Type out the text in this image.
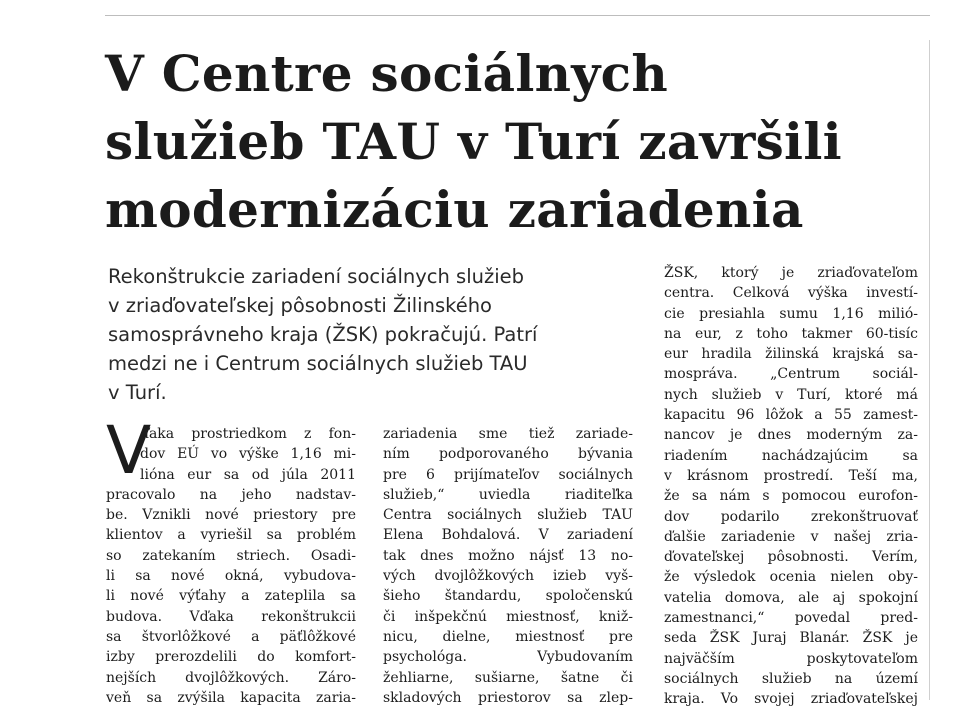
V Centre sociálnych
služieb TAU v Turí završili
modernizáciu zariadenia
Rekonštrukcie zariadení sociálnych služieb
v zriaďovateľskej pôsobnosti Žilinského
samosprávneho kraja (ŽSK) pokračujú. Patrí
medzi ne i Centrum sociálnych služieb TAU
v Turí.
V
ďaka prostriedkom z fon-
dov EÚ vo výške 1,16 mi-
lióna eur sa od júla 2011
pracovalo na jeho nadstav-
be. Vznikli nové priestory pre
klientov a vyriešil sa problém
so zatekaním striech. Osadi-
li sa nové okná, vybudova-
li nové výťahy a zateplila sa
budova. Vďaka rekonštrukcii
sa štvorlôžkové a päťlôžkové
izby prerozdelili do komfort-
nejších dvojlôžkových. Záro-
veň sa zvýšila kapacita zaria-
zariadenia sme tiež zariade-
ním podporovaného bývania
pre 6 prijímateľov sociálnych
služieb,“ uviedla riaditeľka
Centra sociálnych služieb TAU
Elena Bohdalová. V zariadení
tak dnes možno nájsť 13 no-
vých dvojlôžkových izieb vyš-
šieho štandardu, spoločenskú
či inšpekčnú miestnosť, kniž-
nicu, dielne, miestnosť pre
psychológa. Vybudovaním
žehliarne, sušiarne, šatne či
skladových priestorov sa zlep-
ŽSK, ktorý je zriaďovateľom
centra. Celková výška investí-
cie presiahla sumu 1,16 milió-
na eur, z toho takmer 60-tisíc
eur hradila žilinská krajská sa-
mospráva. „Centrum sociál-
nych služieb v Turí, ktoré má
kapacitu 96 lôžok a 55 zamest-
nancov je dnes moderným za-
riadením nachádzajúcim sa
v krásnom prostredí. Teší ma,
že sa nám s pomocou eurofon-
dov podarilo zrekonštruovať
ďalšie zariadenie v našej zria-
ďovateľskej pôsobnosti. Verím,
že výsledok ocenia nielen oby-
vatelia domova, ale aj spokojní
zamestnanci,“ povedal pred-
seda ŽSK Juraj Blanár. ŽSK je
najväčším poskytovateľom
sociálnych služieb na území
kraja. Vo svojej zriaďovateľskej
